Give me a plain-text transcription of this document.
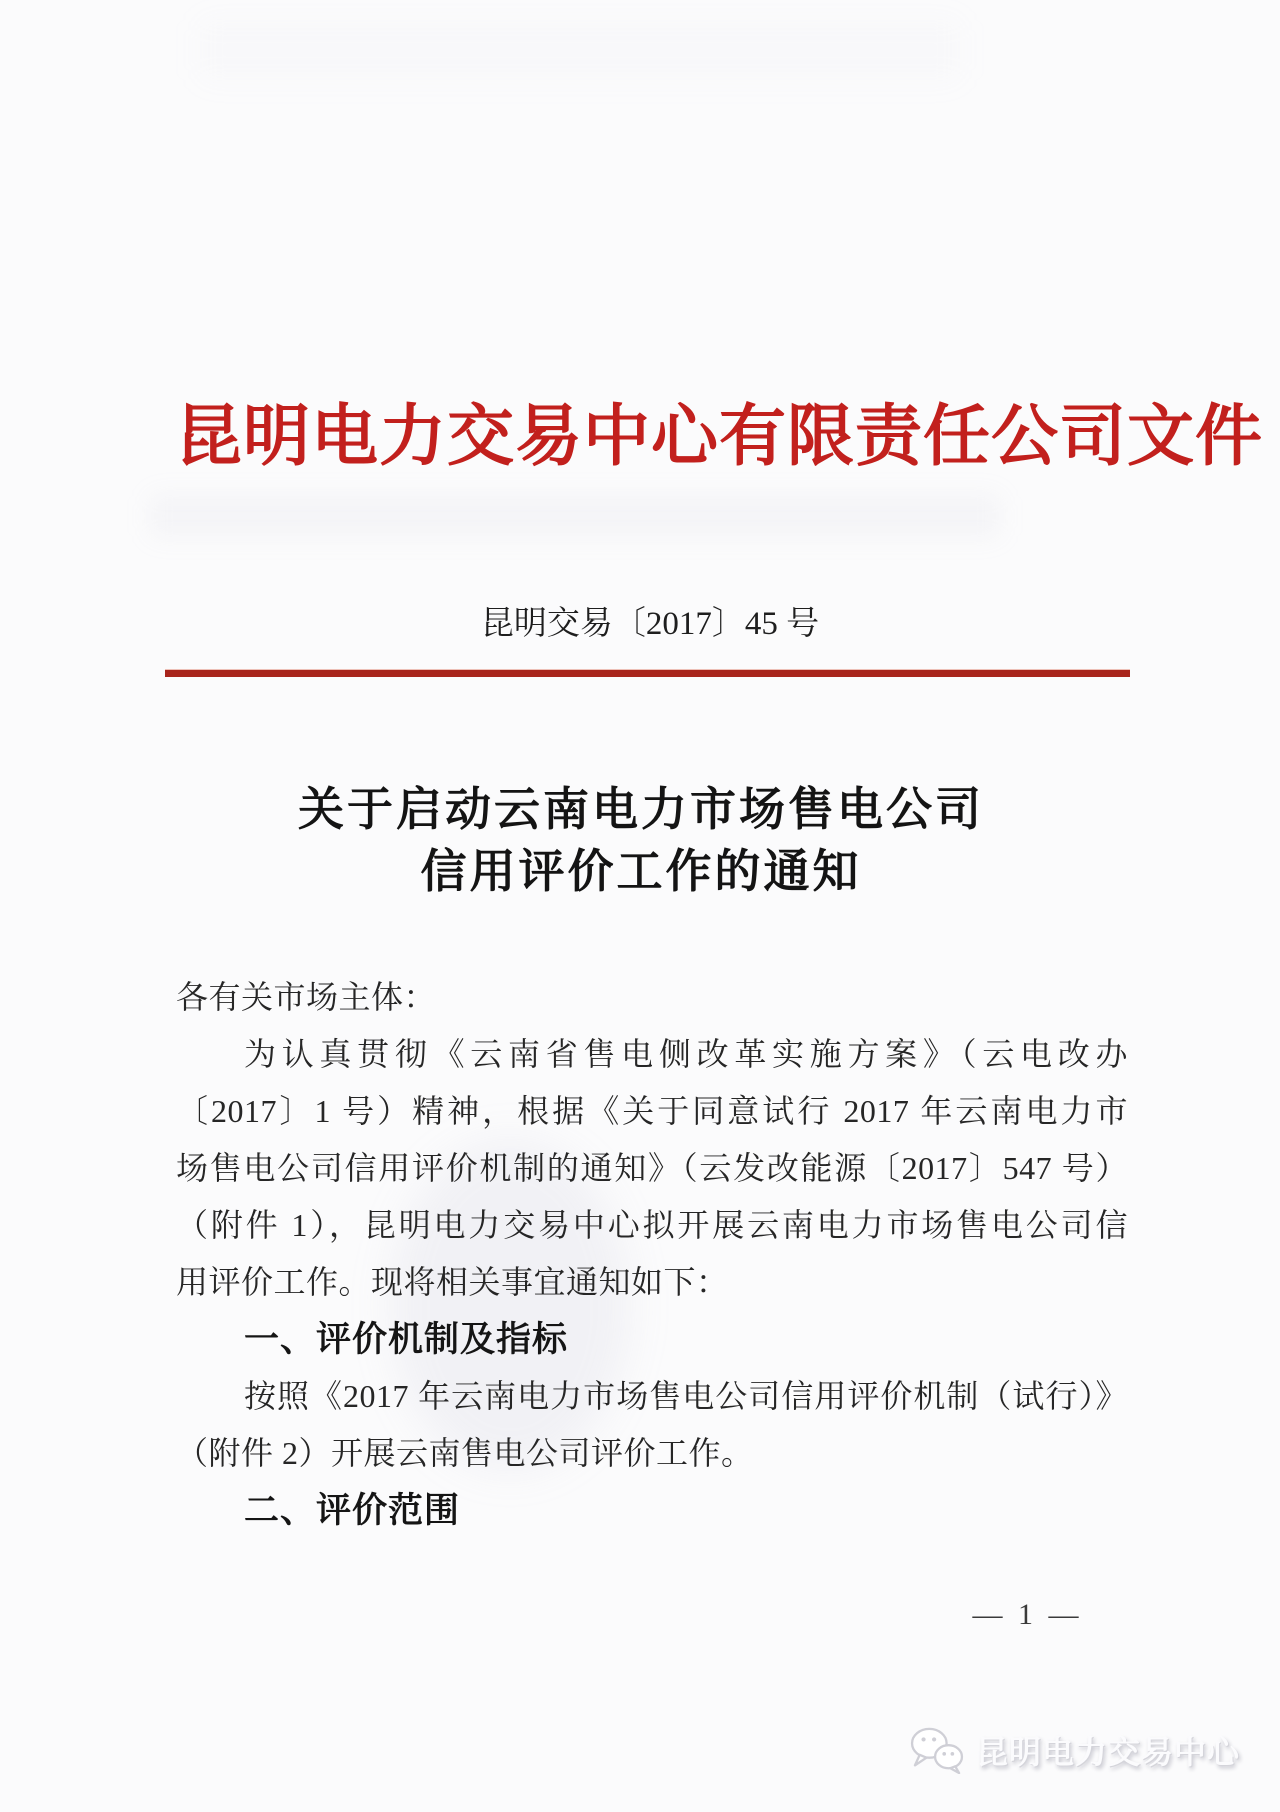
昆明电力交易中心有限责任公司文件
昆明交易〔2017〕45 号
关于启动云南电力市场售电公司
信用评价工作的通知
各有关市场主体：
为认真贯彻《云南省售电侧改革实施方案》（云电改办
〔2017〕1 号）精神，根据《关于同意试行 2017 年云南电力市
场售电公司信用评价机制的通知》（云发改能源〔2017〕547 号）
（附件 1），昆明电力交易中心拟开展云南电力市场售电公司信
用评价工作。现将相关事宜通知如下：
一、评价机制及指标
按照《2017 年云南电力市场售电公司信用评价机制（试行）》
（附件 2）开展云南售电公司评价工作。
二、评价范围
— 1 —
昆明电力交易中心
